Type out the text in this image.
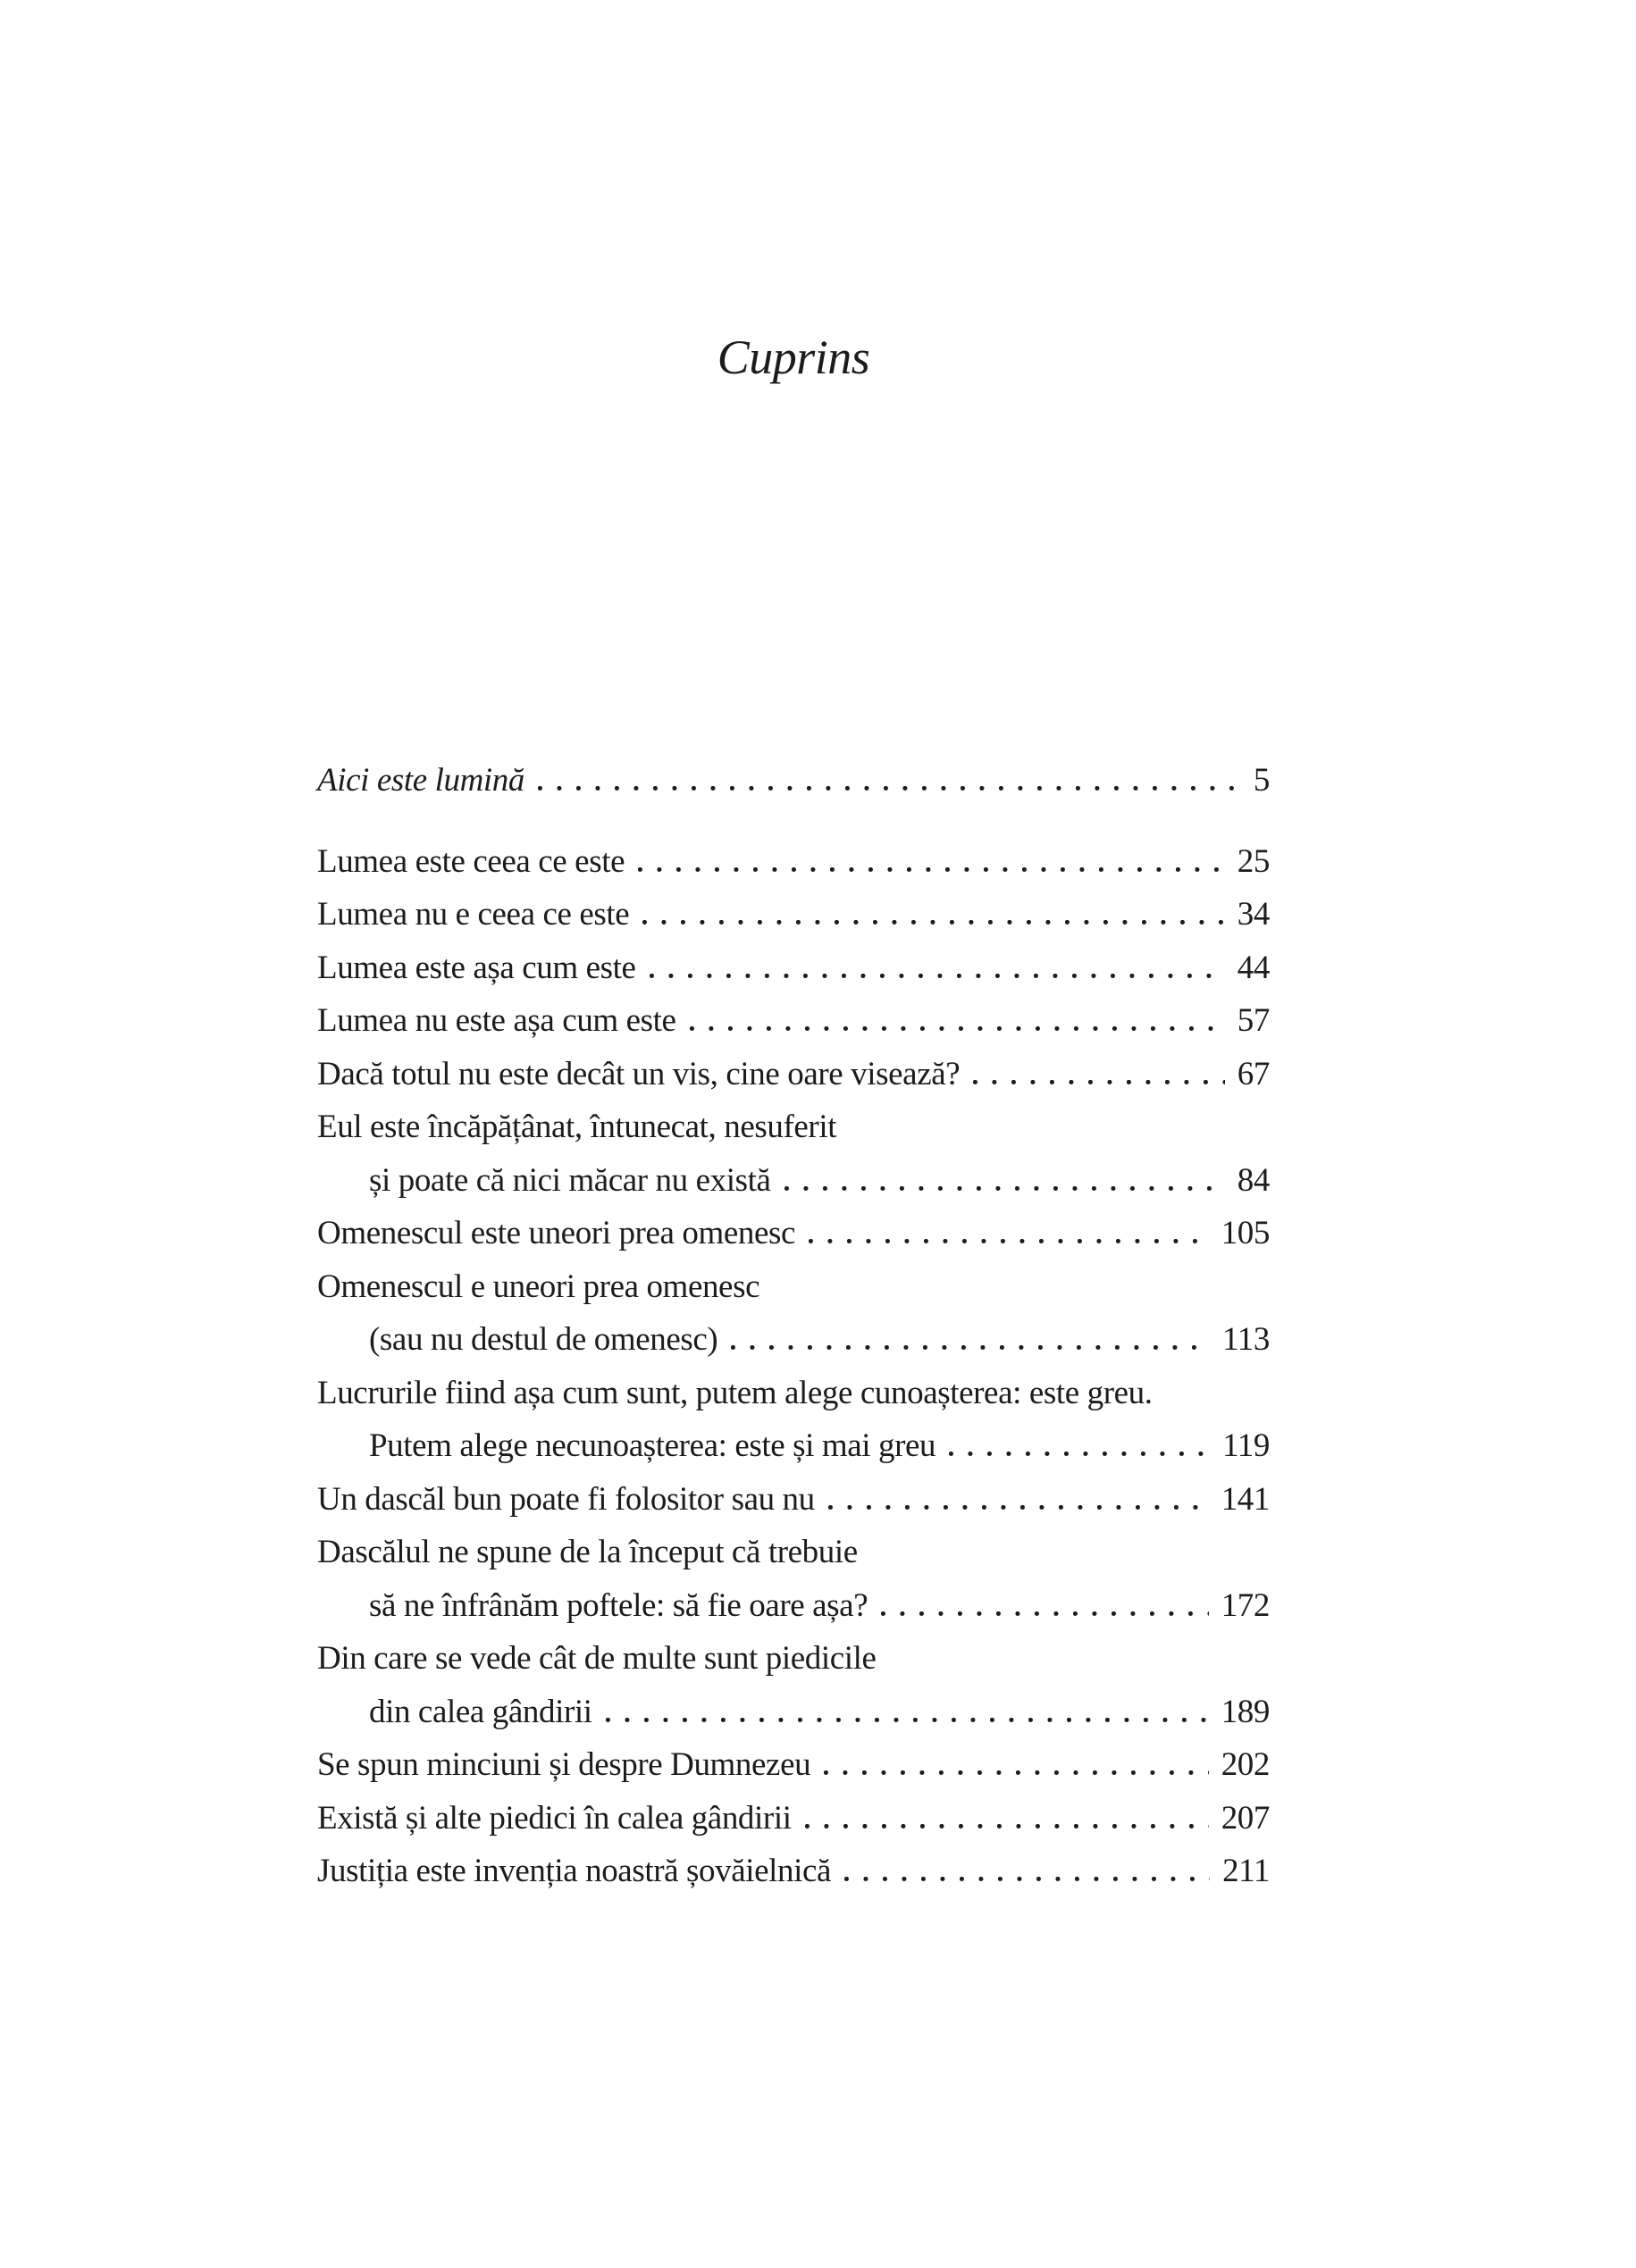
Cuprins
Aici este lumină	5
Lumea este ceea ce este	25
Lumea nu e ceea ce este	34
Lumea este așa cum este	44
Lumea nu este așa cum este	57
Dacă totul nu este decât un vis, cine oare visează?	67
Eul este încăpățânat, întunecat, nesuferit
și poate că nici măcar nu există	84
Omenescul este uneori prea omenesc	105
Omenescul e uneori prea omenesc
(sau nu destul de omenesc)	113
Lucrurile fiind așa cum sunt, putem alege cunoașterea: este greu.
Putem alege necunoașterea: este și mai greu	119
Un dascăl bun poate fi folositor sau nu	141
Dascălul ne spune de la început că trebuie
să ne înfrânăm poftele: să fie oare așa?	172
Din care se vede cât de multe sunt piedicile
din calea gândirii	189
Se spun minciuni și despre Dumnezeu	202
Există și alte piedici în calea gândirii	207
Justiția este invenția noastră șovăielnică	211
